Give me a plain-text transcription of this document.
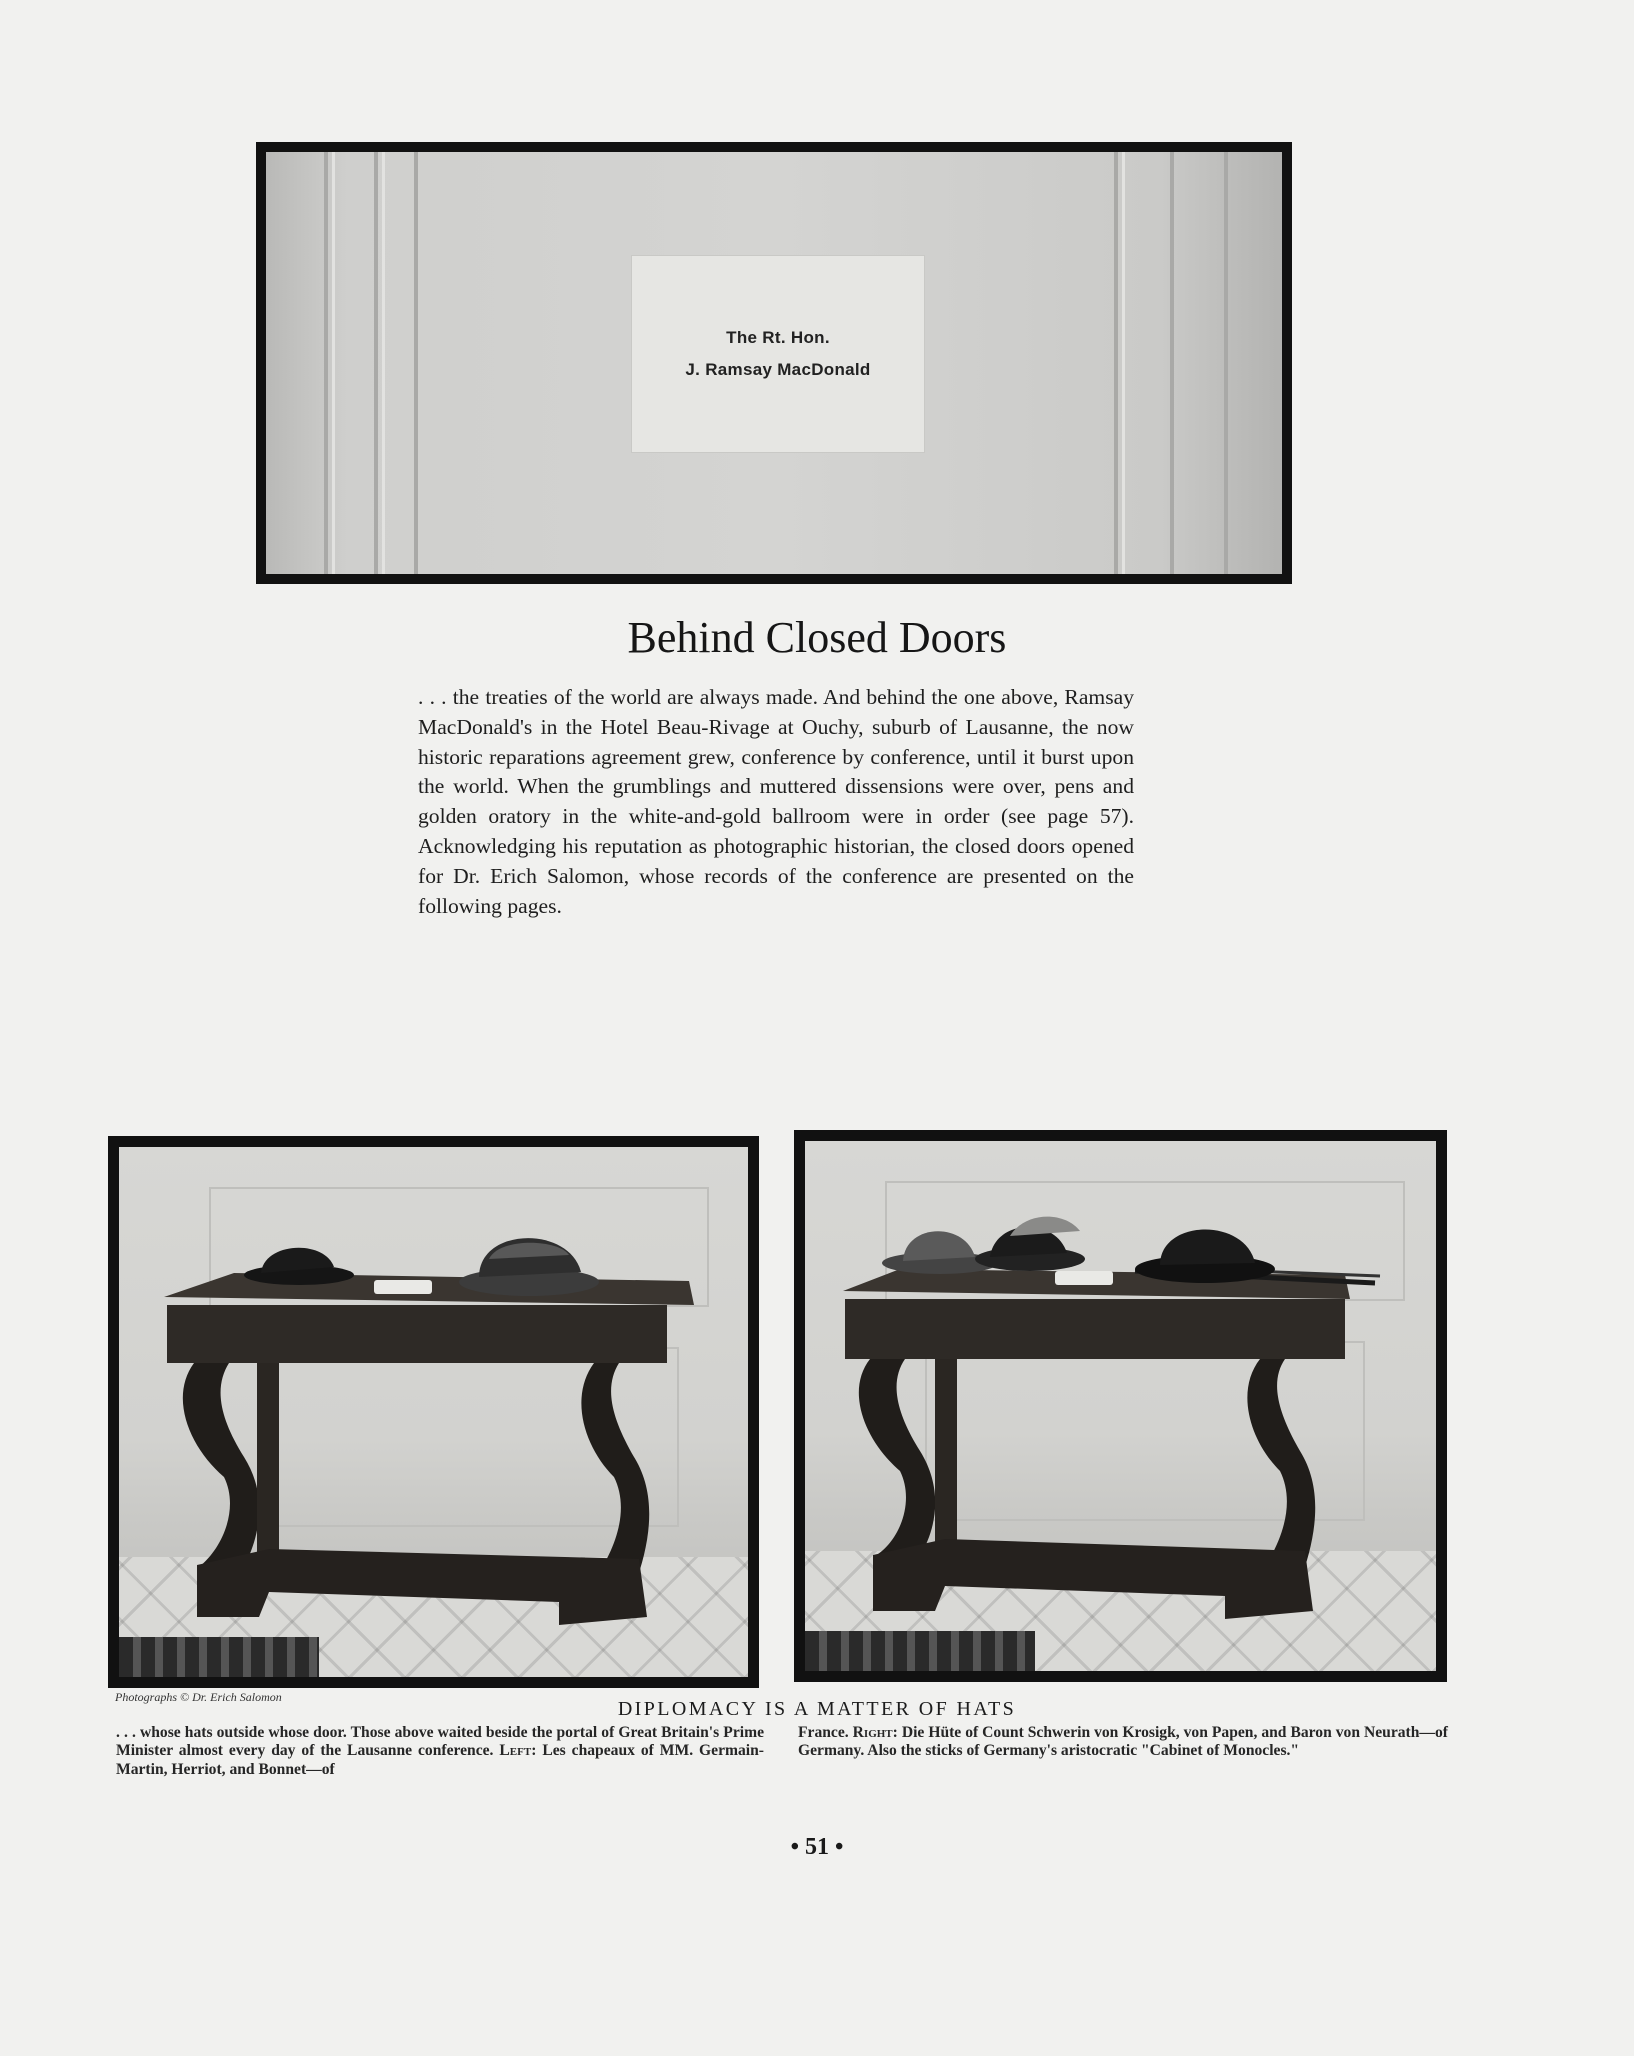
The Rt. Hon.
J. Ramsay MacDonald
Behind Closed Doors

. . . the treaties of the world are always made. And behind the one above, Ramsay MacDonald's in the Hotel Beau-Rivage at Ouchy, suburb of Lausanne, the now historic reparations agreement grew, conference by conference, until it burst upon the world. When the grumblings and muttered dissensions were over, pens and golden oratory in the white-and-gold ballroom were in order (see page 57). Acknowledging his reputation as photographic historian, the closed doors opened for Dr. Erich Salomon, whose records of the conference are presented on the following pages.

Photographs © Dr. Erich Salomon
DIPLOMACY IS A MATTER OF HATS

. . . whose hats outside whose door. Those above waited beside the portal of Great Britain's Prime Minister almost every day of the Lausanne conference. Left: Les chapeaux of MM. Germain-Martin, Herriot, and Bonnet—of

France. Right: Die Hüte of Count Schwerin von Krosigk, von Papen, and Baron von Neurath—of Germany. Also the sticks of Germany's aristocratic "Cabinet of Monocles."

• 51 •
